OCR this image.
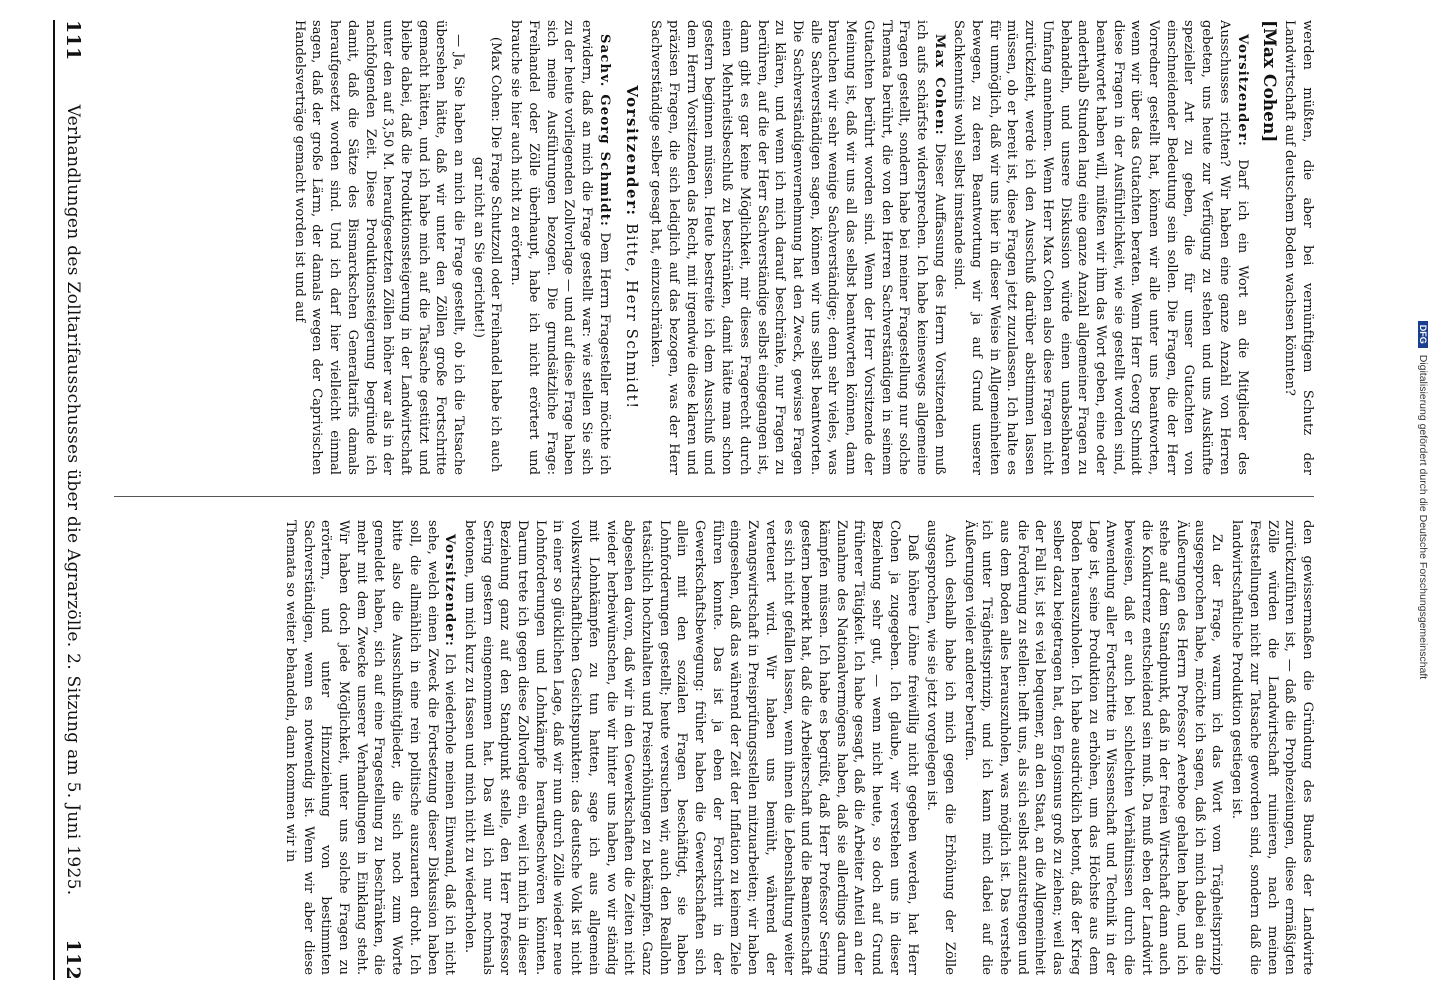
DFG Digitalisierung gefördert durch die Deutsche Forschungsgemeinschaft

werden müßten, die aber bei vernünftigem Schutz der Landwirtschaft auf deutschem Boden wachsen könnten?

[Max Cohen]

Vorsitzender: Darf ich ein Wort an die Mitglieder des Ausschusses richten? Wir haben eine ganze Anzahl von Herren gebeten, uns heute zur Verfügung zu stehen und uns Auskünfte spezieller Art zu geben, die für unser Gutachten von einschneidender Bedeutung sein sollen. Die Fragen, die der Herr Vorredner gestellt hat, können wir alle unter uns beantworten, wenn wir über das Gutachten beraten. Wenn Herr Georg Schmidt diese Fragen in der Ausführlichkeit, wie sie gestellt worden sind, beantwortet haben will, müßten wir ihm das Wort geben, eine oder anderthalb Stunden lang eine ganze Anzahl allgemeiner Fragen zu behandeln, und unsere Diskussion würde einen unabsehbaren Umfang annehmen. Wenn Herr Max Cohen also diese Fragen nicht zurückzieht, werde ich den Ausschuß darüber abstimmen lassen müssen, ob er bereit ist, diese Fragen jetzt zuzulassen. Ich halte es für unmöglich, daß wir uns hier in dieser Weise in Allgemeinheiten bewegen, zu deren Beantwortung wir ja auf Grund unserer Sachkenntnis wohl selbst imstande sind.

Max Cohen: Dieser Auffassung des Herrn Vorsitzenden muß ich aufs schärfste widersprechen. Ich habe keineswegs allgemeine Fragen gestellt, sondern habe bei meiner Fragestellung nur solche Themata berührt, die von den Herren Sachverständigen in seinem Gutachten berührt worden sind. Wenn der Herr Vorsitzende der Meinung ist, daß wir uns all das selbst beantworten können, dann brauchen wir sehr wenige Sachverständige; denn sehr vieles, was alle Sachverständigen sagen, können wir uns selbst beantworten. Die Sachverständigenvernehmung hat den Zweck, gewisse Fragen zu klären, und wenn ich mich darauf beschränke, nur Fragen zu berühren, auf die der Herr Sachverständige selbst eingegangen ist, dann gibt es gar keine Möglichkeit, mir dieses Fragerecht durch einen Mehrheitsbeschluß zu beschränken, damit hätte man schon gestern beginnen müssen. Heute bestreite ich dem Ausschuß und dem Herrn Vorsitzenden das Recht, mit irgendwie diese klaren und präzisen Fragen, die sich lediglich auf das bezogen, was der Herr Sachverständige selber gesagt hat, einzuschränken.

Vorsitzender: Bitte, Herr Schmidt!

Sachv. Georg Schmidt: Dem Herrn Fragesteller möchte ich erwidern, daß an mich die Frage gestellt war: wie stellen Sie sich zu der heute vorliegenden Zollvorlage — und auf diese Frage haben sich meine Ausführungen bezogen. Die grundsätzliche Frage: Freihandel oder Zölle überhaupt, habe ich nicht erörtert und brauche sie hier auch nicht zu erörtern.

(Max Cohen: Die Frage Schutzzoll oder Freihandel habe ich auch gar nicht an Sie gerichtet!)

— Ja, Sie haben an mich die Frage gestellt, ob ich die Tatsache übersehen hätte, daß wir unter den Zöllen große Fortschritte gemacht hätten, und ich habe mich auf die Tatsache gestützt und bleibe dabei, daß die Produktionssteigerung in der Landwirtschaft unter den auf 3,50 M. heraufgesetzten Zöllen höher war als in der nachfolgenden Zeit. Diese Produktionssteigerung begründe ich damit, daß die Sätze des Bismarckschen Generaltarifs damals heraufgesetzt worden sind. Und ich darf hier vielleicht einmal sagen, daß der große Lärm, der damals wegen der Caprivischen Handelsverträge gemacht worden ist und auf

den gewissermaßen die Gründung des Bundes der Landwirte zurückzuführen ist, — daß die Prophezeiungen, diese ermäßigten Zölle würden die Landwirtschaft ruinieren, nach meinen Feststellungen nicht zur Tatsache geworden sind, sondern daß die landwirtschaftliche Produktion gestiegen ist.

Zu der Frage, warum ich das Wort vom Trägheitsprinzip ausgesprochen habe, möchte ich sagen, daß ich mich dabei an die Äußerungen des Herrn Professor Aereboe gehalten habe, und ich stehe auf dem Standpunkt, daß in der freien Wirtschaft dann auch die Konkurrenz entscheidend sein muß. Da muß eben der Landwirt beweisen, daß er auch bei schlechten Verhältnissen durch die Anwendung aller Fortschritte in Wissenschaft und Technik in der Lage ist, seine Produktion zu erhöhen, um das Höchste aus dem Boden herauszuholen. Ich habe ausdrücklich betont, daß der Krieg selber dazu beigetragen hat, den Egoismus groß zu ziehen; weil das der Fall ist, ist es viel bequemer, an den Staat, an die Allgemeinheit die Forderung zu stellen: helft uns, als sich selbst anzustrengen und aus dem Boden alles herauszuholen, was möglich ist. Das verstehe ich unter Trägheitsprinzip, und ich kann mich dabei auf die Äußerungen vieler anderer berufen.

Auch deshalb habe ich mich gegen die Erhöhung der Zölle ausgesprochen, wie sie jetzt vorgelegen ist.

Daß höhere Löhne freiwillig nicht gegeben werden, hat Herr Cohen ja zugegeben. Ich glaube, wir verstehen uns in dieser Beziehung sehr gut, — wenn nicht heute, so doch auf Grund früherer Tätigkeit. Ich habe gesagt, daß die Arbeiter Anteil an der Zunahme des Nationalvermögens haben, daß sie allerdings darum kämpfen müssen. Ich habe es begrüßt, daß Herr Professor Sering gestern bemerkt hat, daß die Arbeiterschaft und die Beamtenschaft es sich nicht gefallen lassen, wenn ihnen die Lebenshaltung weiter verteuert wird. Wir haben uns bemüht, während der Zwangswirtschaft in Preisprüfungsstellen mitzuarbeiten; wir haben eingesehen, daß das während der Zeit der Inflation zu keinem Ziele führen konnte. Das ist ja eben der Fortschritt in der Gewerkschaftsbewegung: früher haben die Gewerkschaften sich allein mit den sozialen Fragen beschäftigt, sie haben Lohnforderungen gestellt; heute versuchen wir, auch den Reallohn tatsächlich hochzuhalten und Preiserhöhungen zu bekämpfen. Ganz abgesehen davon, daß wir in den Gewerkschaften die Zeiten nicht wieder herbeiwünschen, die wir hinter uns haben, wo wir ständig mit Lohnkämpfen zu tun hatten, sage ich aus allgemein volkswirtschaftlichen Gesichtspunkten: das deutsche Volk ist nicht in einer so glücklichen Lage, daß wir nun durch Zölle wieder neue Lohnforderungen und Lohnkämpfe heraufbeschwören könnten. Darum trete ich gegen diese Zollvorlage ein, weil ich mich in dieser Beziehung ganz auf den Standpunkt stelle, den Herr Professor Sering gestern eingenommen hat. Das will ich nur nochmals betonen, um mich kurz zu fassen und mich nicht zu wiederholen.

Vorsitzender: Ich wiederhole meinen Einwand, daß ich nicht sehe, welch einen Zweck die Fortsetzung dieser Diskussion haben soll, die allmählich in eine rein politische auszuarten droht. Ich bitte also die Ausschußmitglieder, die sich noch zum Worte gemeldet haben, sich auf eine Fragestellung zu beschränken, die mehr mit dem Zwecke unserer Verhandlungen in Einklang steht. Wir haben doch jede Möglichkeit, unter uns solche Fragen zu erörtern, und unter Hinzuziehung von bestimmten Sachverständigen, wenn es notwendig ist. Wenn wir aber diese Themata so weiter behandeln, dann kommen wir in

111
Verhandlungen des Zolltarifausschusses über die Agrarzölle. 2. Sitzung am 5. Juni 1925.
112
